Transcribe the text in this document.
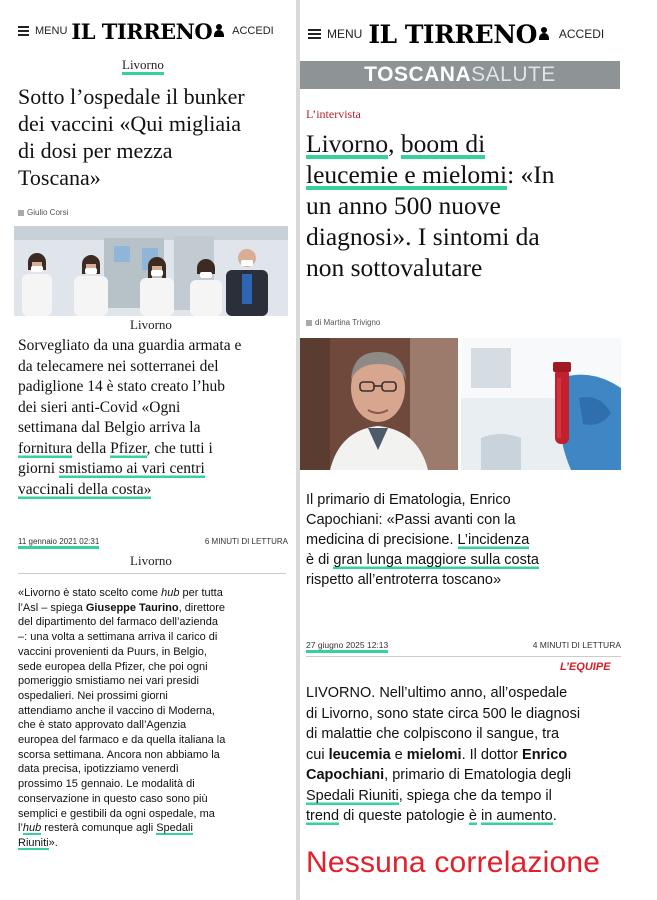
MENU IL TIRRENO ACCEDI
Livorno
Sotto l’ospedale il bunker
dei vaccini «Qui migliaia
di dosi per mezza
Toscana»
Giulio Corsi
Livorno
Sorvegliato da una guardia armata e
da telecamere nei sotterranei del
padiglione 14 è stato creato l’hub
dei sieri anti-Covid «Ogni
settimana dal Belgio arriva la
fornitura della Pfizer, che tutti i
giorni smistiamo ai vari centri
vaccinali della costa»
11 gennaio 2021 02:31	6 MINUTI DI LETTURA
Livorno
«Livorno è stato scelto come hub per tutta
l’Asl – spiega Giuseppe Taurino, direttore
del dipartimento del farmaco dell’azienda
–: una volta a settimana arriva il carico di
vaccini provenienti da Puurs, in Belgio,
sede europea della Pfizer, che poi ogni
pomeriggio smistiamo nei vari presidi
ospedalieri. Nei prossimi giorni
attendiamo anche il vaccino di Moderna,
che è stato approvato dall’Agenzia
europea del farmaco e da quella italiana la
scorsa settimana. Ancora non abbiamo la
data precisa, ipotizziamo venerdì
prossimo 15 gennaio. Le modalità di
conservazione in questo caso sono più
semplici e gestibili da ogni ospedale, ma
l’hub resterà comunque agli Spedali
Riuniti».
MENU IL TIRRENO ACCEDI
TOSCANA SALUTE
L’intervista
Livorno, boom di
leucemie e mielomi: «In
un anno 500 nuove
diagnosi». I sintomi da
non sottovalutare
di Martina Trivigno
Il primario di Ematologia, Enrico
Capochiani: «Passi avanti con la
medicina di precisione. L’incidenza
è di gran lunga maggiore sulla costa
rispetto all’entroterra toscano»
27 giugno 2025 12:13	4 MINUTI DI LETTURA
L’EQUIPE
LIVORNO. Nell’ultimo anno, all’ospedale
di Livorno, sono state circa 500 le diagnosi
di malattie che colpiscono il sangue, tra
cui leucemia e mielomi. Il dottor Enrico
Capochiani, primario di Ematologia degli
Spedali Riuniti, spiega che da tempo il
trend di queste patologie è in aumento.
Nessuna correlazione
